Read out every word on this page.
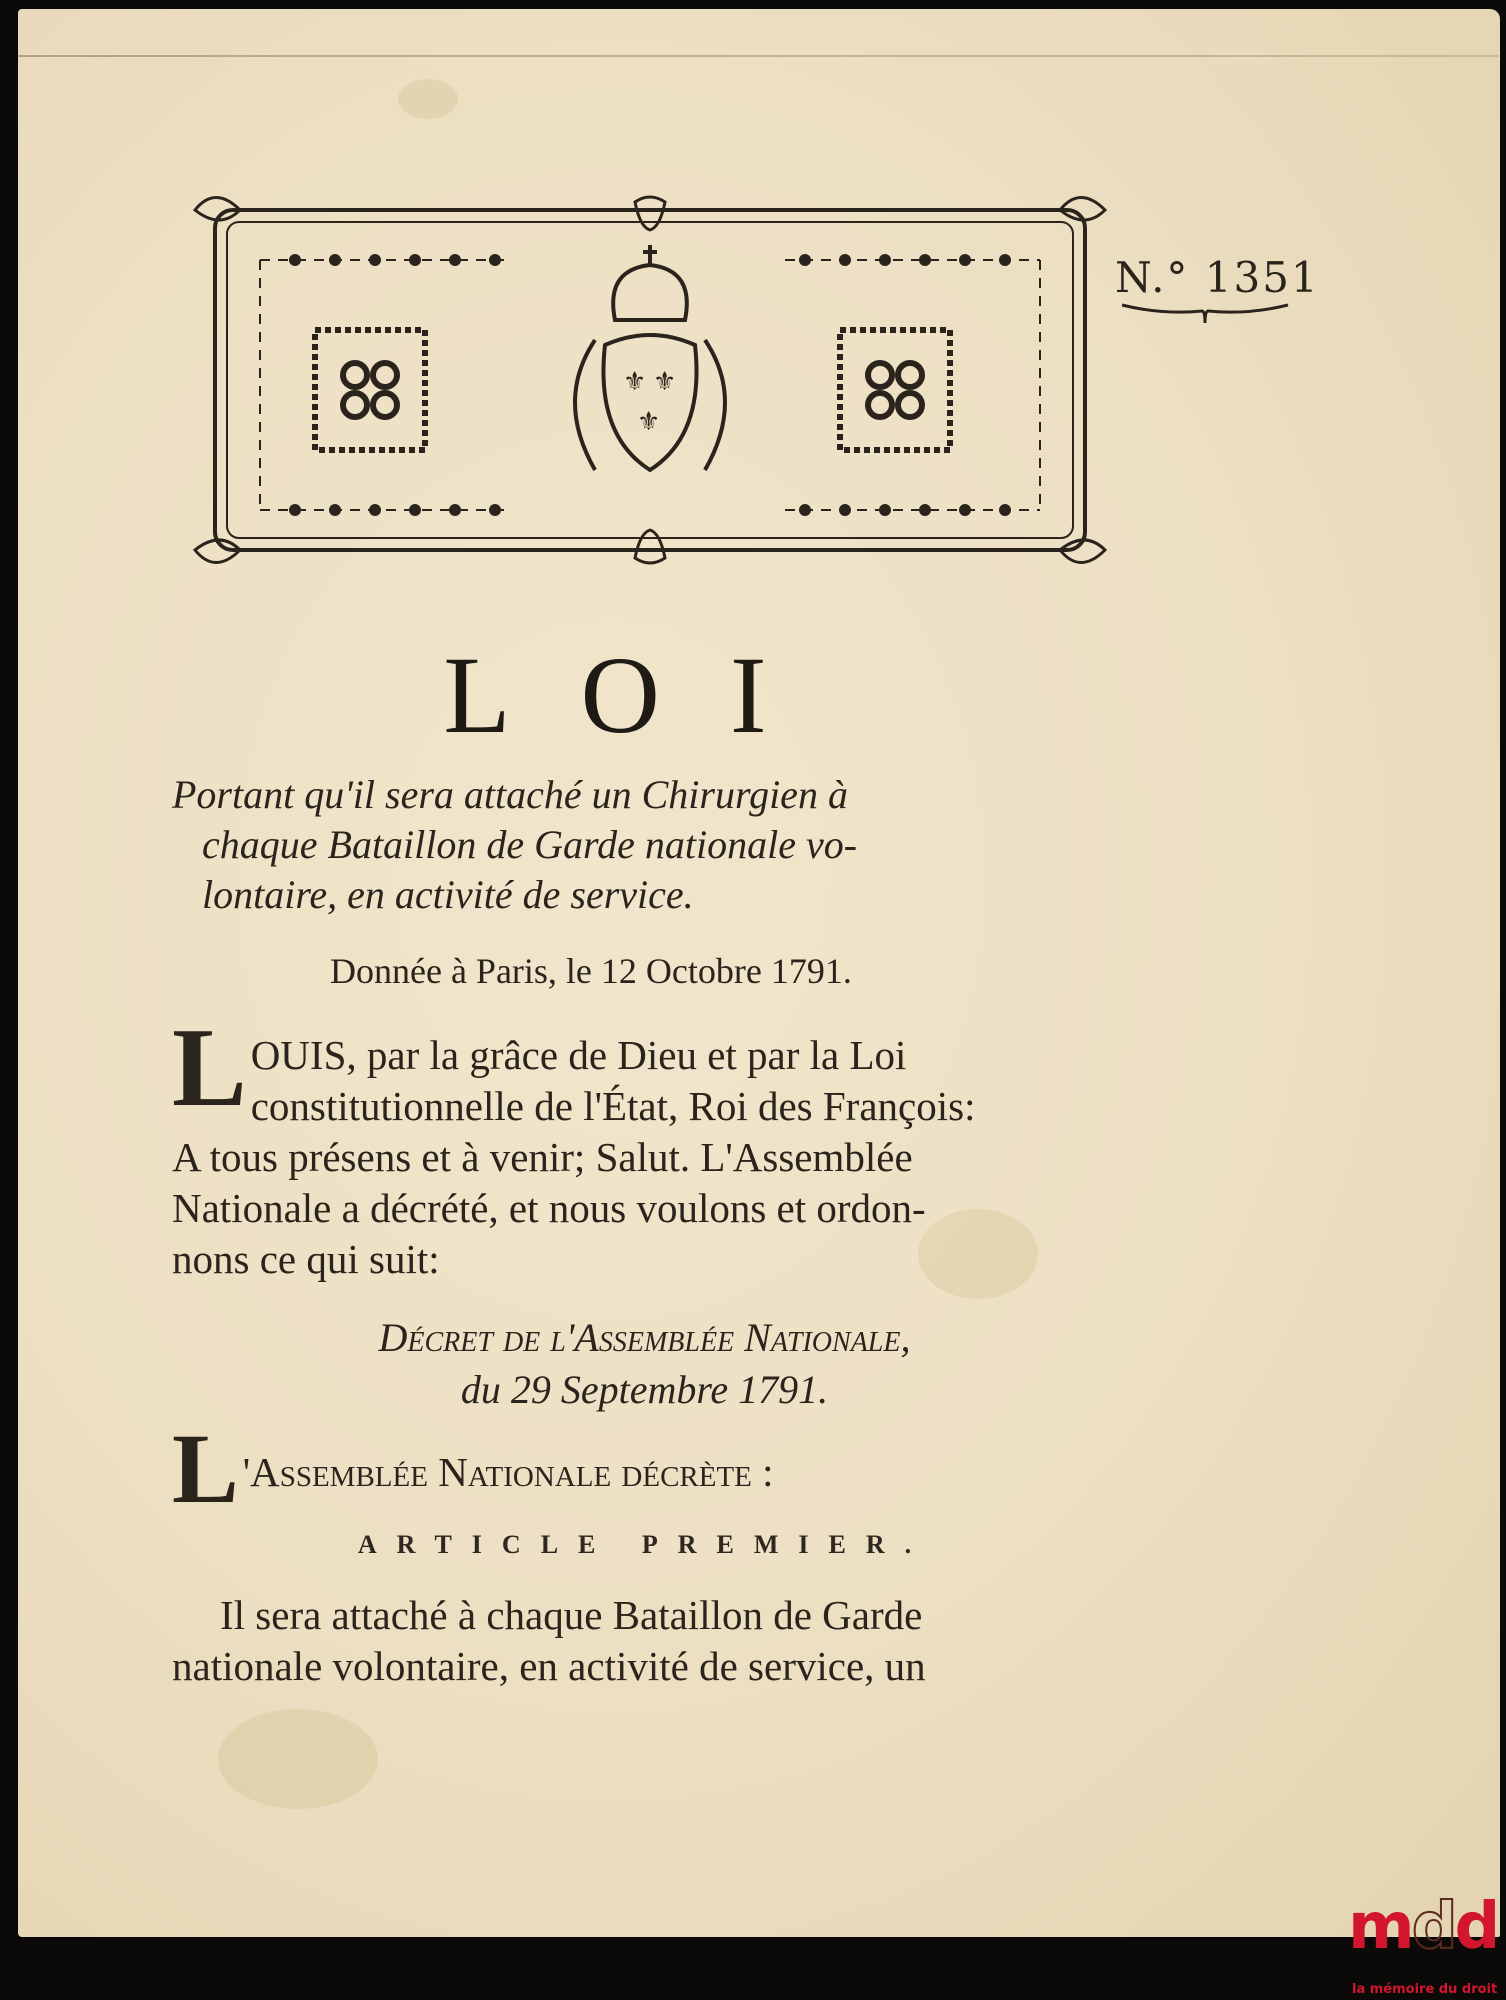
⚜ ⚜
⚜
N.° 1351
LOI
Portant qu'il sera attaché un Chirurgien à
chaque Bataillon de Garde nationale vo-
lontaire, en activité de service.
Donnée à Paris, le 12 Octobre 1791.
L OUIS, par la grâce de Dieu et par la Loi
constitutionnelle de l'État, Roi des François:
A tous présens et à venir; Salut. L'Assemblée
Nationale a décrété, et nous voulons et ordon-
nons ce qui suit:
Décret de l'Assemblée Nationale,
du 29 Septembre 1791.
L 'Assemblée Nationale décrète :
ARTICLE PREMIER.
Il sera attaché à chaque Bataillon de Garde
nationale volontaire, en activité de service, un
mdd
la mémoire du droit
